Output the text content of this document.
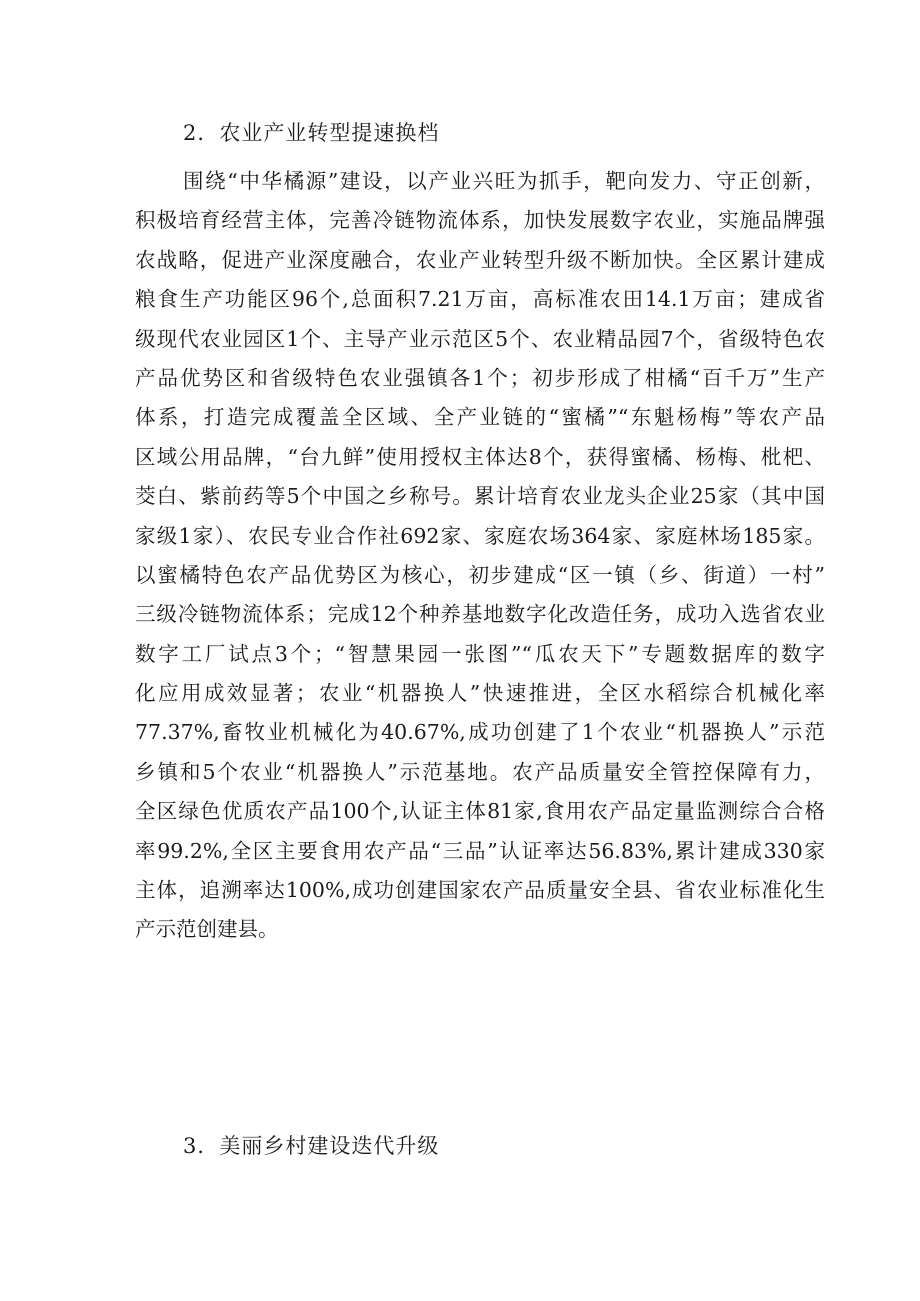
2．农业产业转型提速换档
围绕“中华橘源”建设，以产业兴旺为抓手，靶向发力、守正创新，
积极培育经营主体，完善冷链物流体系，加快发展数字农业，实施品牌强
农战略，促进产业深度融合，农业产业转型升级不断加快。全区累计建成
粮食生产功能区96个,总面积7.21万亩，高标准农田14.1万亩；建成省
级现代农业园区1个、主导产业示范区5个、农业精品园7个，省级特色农
产品优势区和省级特色农业强镇各1个；初步形成了柑橘“百千万”生产
体系，打造完成覆盖全区域、全产业链的“蜜橘”“东魁杨梅”等农产品
区域公用品牌，“台九鲜”使用授权主体达8个，获得蜜橘、杨梅、枇杷、
茭白、紫前药等5个中国之乡称号。累计培育农业龙头企业25家（其中国
家级1家）、农民专业合作社692家、家庭农场364家、家庭林场185家。
以蜜橘特色农产品优势区为核心，初步建成“区一镇（乡、街道）一村”
三级冷链物流体系；完成12个种养基地数字化改造任务，成功入选省农业
数字工厂试点3个；“智慧果园一张图”“瓜农天下”专题数据库的数字
化应用成效显著；农业“机器换人”快速推进，全区水稻综合机械化率
77.37%,畜牧业机械化为40.67%,成功创建了1个农业“机器换人”示范
乡镇和5个农业“机器换人”示范基地。农产品质量安全管控保障有力，
全区绿色优质农产品100个,认证主体81家,食用农产品定量监测综合合格
率99.2%,全区主要食用农产品“三品”认证率达56.83%,累计建成330家
主体，追溯率达100%,成功创建国家农产品质量安全县、省农业标准化生
产示范创建县。
3．美丽乡村建设迭代升级
